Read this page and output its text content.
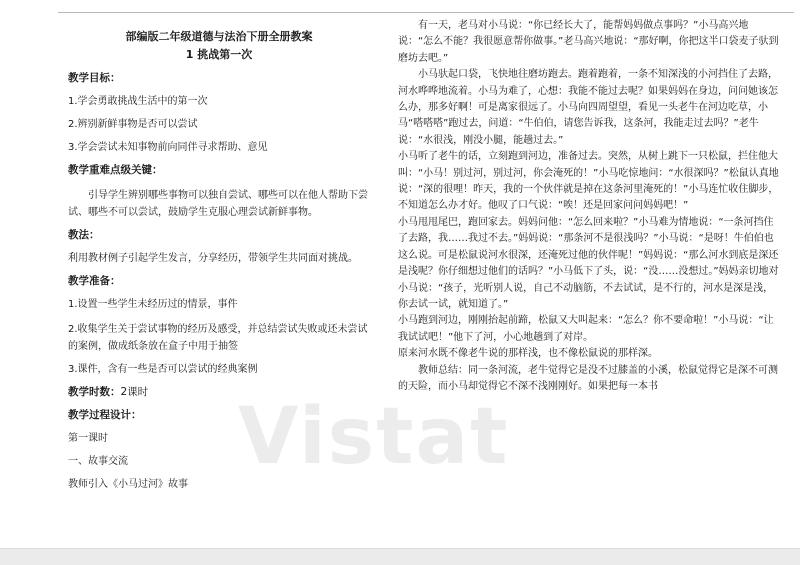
部编版二年级道德与法治下册全册教案
1 挑战第一次
教学目标：
1.学会勇敢挑战生活中的第一次
2.辨别新鲜事物是否可以尝试
3.学会尝试未知事物前向同伴寻求帮助、意见
教学重难点级关键：
引导学生辨别哪些事物可以独自尝试、哪些可以在他人帮助下尝试、哪些不可以尝试，鼓励学生克服心理尝试新鲜事物。
教法：
利用教材例子引起学生发言，分享经历，带领学生共同面对挑战。
教学准备：
1.设置一些学生未经历过的情景，事件
2.收集学生关于尝试事物的经历及感受，并总结尝试失败或还未尝试的案例，做成纸条放在盒子中用于抽签
3.课件，含有一些是否可以尝试的经典案例
教学时数：2课时
教学过程设计：
第一课时
一、故事交流
教师引入《小马过河》故事
有一天，老马对小马说：“你已经长大了，能帮妈妈做点事吗？”小马高兴地说：“怎么不能？我很愿意帮你做事。”老马高兴地说：“那好啊，你把这半口袋麦子驮到磨坊去吧。”
小马驮起口袋，飞快地往磨坊跑去。跑着跑着，一条不知深浅的小河挡住了去路，河水哗哗地流着。小马为难了，心想：我能不能过去呢？如果妈妈在身边，问问她该怎么办，那多好啊！可是离家很远了。小马向四周望望，看见一头老牛在河边吃草，小马“嗒嗒嗒”跑过去，问道：“牛伯伯，请您告诉我，这条河，我能走过去吗？”老牛说：“水很浅，刚没小腿，能趟过去。”
小马听了老牛的话，立刻跑到河边，准备过去。突然，从树上跳下一只松鼠，拦住他大叫：“小马！别过河，别过河，你会淹死的！”小马吃惊地问：“水很深吗？”松鼠认真地说：“深的很哩！昨天，我的一个伙伴就是掉在这条河里淹死的！”小马连忙收住脚步，不知道怎么办才好。他叹了口气说：“唉！还是回家问问妈妈吧！”
小马甩甩尾巴，跑回家去。妈妈问他：“怎么回来啦？”小马难为情地说：“一条河挡住了去路，我……我过不去。”妈妈说：“那条河不是很浅吗？”小马说：“是呀！牛伯伯也这么说。可是松鼠说河水很深，还淹死过他的伙伴呢！”妈妈说：“那么河水到底是深还是浅呢？你仔细想过他们的话吗？”小马低下了头，说：“没……没想过。”妈妈亲切地对小马说：“孩子，光听别人说，自己不动脑筋，不去试试，是不行的，河水是深是浅，你去试一试，就知道了。”
小马跑到河边，刚刚抬起前蹄，松鼠又大叫起来：“怎么？你不要命啦！”小马说：“让我试试吧！”他下了河，小心地趟到了对岸。
原来河水既不像老牛说的那样浅，也不像松鼠说的那样深。
教师总结：同一条河流，老牛觉得它是没不过膝盖的小溪，松鼠觉得它是深不可测的天险，而小马却觉得它不深不浅刚刚好。如果把每一本书
Vistat
